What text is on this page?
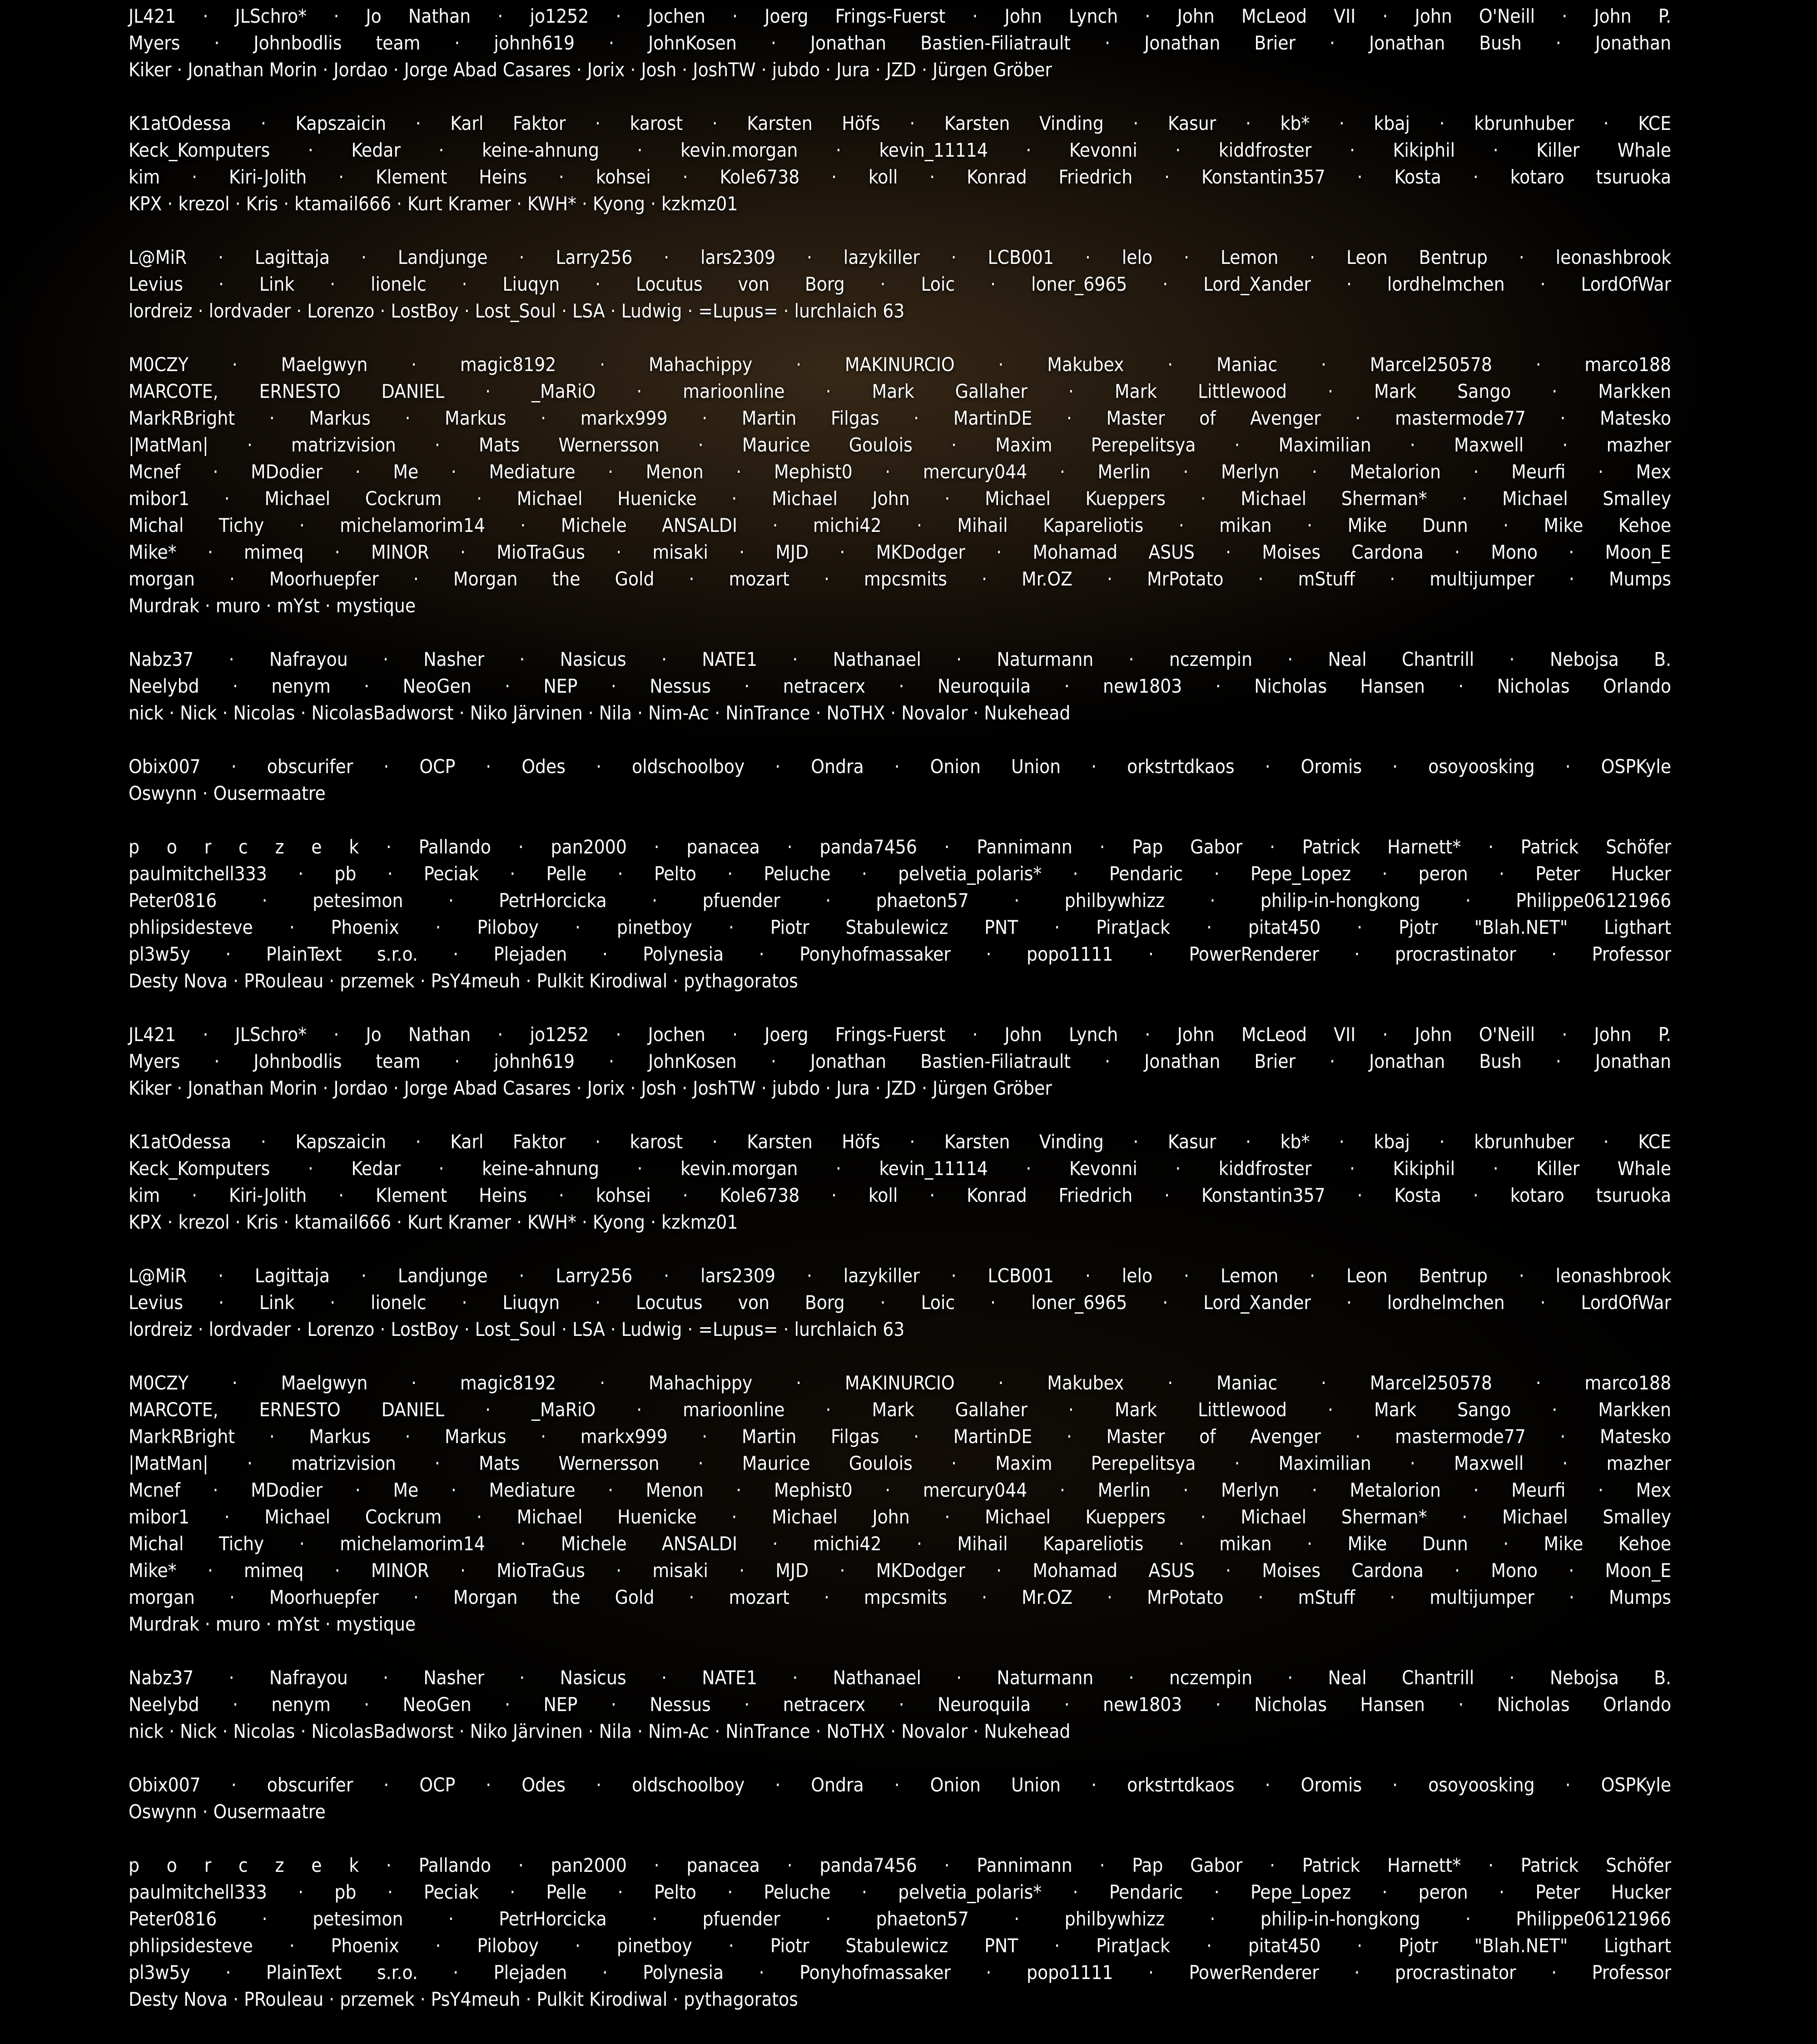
JL421 · JLSchro* · Jo Nathan · jo1252 · Jochen · Joerg Frings-Fuerst · John Lynch · John McLeod VII · John O'Neill · John P.
Myers · Johnbodlis team · johnh619 · JohnKosen · Jonathan Bastien-Filiatrault · Jonathan Brier · Jonathan Bush · Jonathan
Kiker · Jonathan Morin · Jordao · Jorge Abad Casares · Jorix · Josh · JoshTW · jubdo · Jura · JZD · Jürgen Gröber
K1atOdessa · Kapszaicin · Karl Faktor · karost · Karsten Höfs · Karsten Vinding · Kasur · kb* · kbaj · kbrunhuber · KCE
Keck_Komputers · Kedar · keine-ahnung · kevin.morgan · kevin_11114 · Kevonni · kiddfroster · Kikiphil · Killer Whale
kim · Kiri-Jolith · Klement Heins · kohsei · Kole6738 · koll · Konrad Friedrich · Konstantin357 · Kosta · kotaro tsuruoka
KPX · krezol · Kris · ktamail666 · Kurt Kramer · KWH* · Kyong · kzkmz01
L@MiR · Lagittaja · Landjunge · Larry256 · lars2309 · lazykiller · LCB001 · lelo · Lemon · Leon Bentrup · leonashbrook
Levius · Link · lionelc · Liuqyn · Locutus von Borg · Loic · loner_6965 · Lord_Xander · lordhelmchen · LordOfWar
lordreiz · lordvader · Lorenzo · LostBoy · Lost_Soul · LSA · Ludwig · =Lupus= · lurchlaich 63
M0CZY · Maelgwyn · magic8192 · Mahachippy · MAKINURCIO · Makubex · Maniac · Marcel250578 · marco188
MARCOTE, ERNESTO DANIEL · _MaRiO · marioonline · Mark Gallaher · Mark Littlewood · Mark Sango · Markken
MarkRBright · Markus · Markus · markx999 · Martin Filgas · MartinDE · Master of Avenger · mastermode77 · Matesko
|MatMan| · matrizvision · Mats Wernersson · Maurice Goulois · Maxim Perepelitsya · Maximilian · Maxwell · mazher
Mcnef · MDodier · Me · Mediature · Menon · Mephist0 · mercury044 · Merlin · Merlyn · Metalorion · Meurfi · Mex
mibor1 · Michael Cockrum · Michael Huenicke · Michael John · Michael Kueppers · Michael Sherman* · Michael Smalley
Michal Tichy · michelamorim14 · Michele ANSALDI · michi42 · Mihail Kapareliotis · mikan · Mike Dunn · Mike Kehoe
Mike* · mimeq · MINOR · MioTraGus · misaki · MJD · MKDodger · Mohamad ASUS · Moises Cardona · Mono · Moon_E
morgan · Moorhuepfer · Morgan the Gold · mozart · mpcsmits · Mr.OZ · MrPotato · mStuff · multijumper · Mumps
Murdrak · muro · mYst · mystique
Nabz37 · Nafrayou · Nasher · Nasicus · NATE1 · Nathanael · Naturmann · nczempin · Neal Chantrill · Nebojsa B.
Neelybd · nenym · NeoGen · NEP · Nessus · netracerx · Neuroquila · new1803 · Nicholas Hansen · Nicholas Orlando
nick · Nick · Nicolas · NicolasBadworst · Niko Järvinen · Nila · Nim-Ac · NinTrance · NoTHX · Novalor · Nukehead
Obix007 · obscurifer · OCP · Odes · oldschoolboy · Ondra · Onion Union · orkstrtdkaos · Oromis · osoyoosking · OSPKyle
Oswynn · Ousermaatre
p o r c z e k · Pallando · pan2000 · panacea · panda7456 · Pannimann · Pap Gabor · Patrick Harnett* · Patrick Schöfer
paulmitchell333 · pb · Peciak · Pelle · Pelto · Peluche · pelvetia_polaris* · Pendaric · Pepe_Lopez · peron · Peter Hucker
Peter0816 · petesimon · PetrHorcicka · pfuender · phaeton57 · philbywhizz · philip-in-hongkong · Philippe06121966
phlipsidesteve · Phoenix · Piloboy · pinetboy · Piotr Stabulewicz PNT · PiratJack · pitat450 · Pjotr "Blah.NET" Ligthart
pl3w5y · PlainText s.r.o. · Plejaden · Polynesia · Ponyhofmassaker · popo1111 · PowerRenderer · procrastinator · Professor
Desty Nova · PRouleau · przemek · PsY4meuh · Pulkit Kirodiwal · pythagoratos
JL421 · JLSchro* · Jo Nathan · jo1252 · Jochen · Joerg Frings-Fuerst · John Lynch · John McLeod VII · John O'Neill · John P.
Myers · Johnbodlis team · johnh619 · JohnKosen · Jonathan Bastien-Filiatrault · Jonathan Brier · Jonathan Bush · Jonathan
Kiker · Jonathan Morin · Jordao · Jorge Abad Casares · Jorix · Josh · JoshTW · jubdo · Jura · JZD · Jürgen Gröber
K1atOdessa · Kapszaicin · Karl Faktor · karost · Karsten Höfs · Karsten Vinding · Kasur · kb* · kbaj · kbrunhuber · KCE
Keck_Komputers · Kedar · keine-ahnung · kevin.morgan · kevin_11114 · Kevonni · kiddfroster · Kikiphil · Killer Whale
kim · Kiri-Jolith · Klement Heins · kohsei · Kole6738 · koll · Konrad Friedrich · Konstantin357 · Kosta · kotaro tsuruoka
KPX · krezol · Kris · ktamail666 · Kurt Kramer · KWH* · Kyong · kzkmz01
L@MiR · Lagittaja · Landjunge · Larry256 · lars2309 · lazykiller · LCB001 · lelo · Lemon · Leon Bentrup · leonashbrook
Levius · Link · lionelc · Liuqyn · Locutus von Borg · Loic · loner_6965 · Lord_Xander · lordhelmchen · LordOfWar
lordreiz · lordvader · Lorenzo · LostBoy · Lost_Soul · LSA · Ludwig · =Lupus= · lurchlaich 63
M0CZY · Maelgwyn · magic8192 · Mahachippy · MAKINURCIO · Makubex · Maniac · Marcel250578 · marco188
MARCOTE, ERNESTO DANIEL · _MaRiO · marioonline · Mark Gallaher · Mark Littlewood · Mark Sango · Markken
MarkRBright · Markus · Markus · markx999 · Martin Filgas · MartinDE · Master of Avenger · mastermode77 · Matesko
|MatMan| · matrizvision · Mats Wernersson · Maurice Goulois · Maxim Perepelitsya · Maximilian · Maxwell · mazher
Mcnef · MDodier · Me · Mediature · Menon · Mephist0 · mercury044 · Merlin · Merlyn · Metalorion · Meurfi · Mex
mibor1 · Michael Cockrum · Michael Huenicke · Michael John · Michael Kueppers · Michael Sherman* · Michael Smalley
Michal Tichy · michelamorim14 · Michele ANSALDI · michi42 · Mihail Kapareliotis · mikan · Mike Dunn · Mike Kehoe
Mike* · mimeq · MINOR · MioTraGus · misaki · MJD · MKDodger · Mohamad ASUS · Moises Cardona · Mono · Moon_E
morgan · Moorhuepfer · Morgan the Gold · mozart · mpcsmits · Mr.OZ · MrPotato · mStuff · multijumper · Mumps
Murdrak · muro · mYst · mystique
Nabz37 · Nafrayou · Nasher · Nasicus · NATE1 · Nathanael · Naturmann · nczempin · Neal Chantrill · Nebojsa B.
Neelybd · nenym · NeoGen · NEP · Nessus · netracerx · Neuroquila · new1803 · Nicholas Hansen · Nicholas Orlando
nick · Nick · Nicolas · NicolasBadworst · Niko Järvinen · Nila · Nim-Ac · NinTrance · NoTHX · Novalor · Nukehead
Obix007 · obscurifer · OCP · Odes · oldschoolboy · Ondra · Onion Union · orkstrtdkaos · Oromis · osoyoosking · OSPKyle
Oswynn · Ousermaatre
p o r c z e k · Pallando · pan2000 · panacea · panda7456 · Pannimann · Pap Gabor · Patrick Harnett* · Patrick Schöfer
paulmitchell333 · pb · Peciak · Pelle · Pelto · Peluche · pelvetia_polaris* · Pendaric · Pepe_Lopez · peron · Peter Hucker
Peter0816 · petesimon · PetrHorcicka · pfuender · phaeton57 · philbywhizz · philip-in-hongkong · Philippe06121966
phlipsidesteve · Phoenix · Piloboy · pinetboy · Piotr Stabulewicz PNT · PiratJack · pitat450 · Pjotr "Blah.NET" Ligthart
pl3w5y · PlainText s.r.o. · Plejaden · Polynesia · Ponyhofmassaker · popo1111 · PowerRenderer · procrastinator · Professor
Desty Nova · PRouleau · przemek · PsY4meuh · Pulkit Kirodiwal · pythagoratos
